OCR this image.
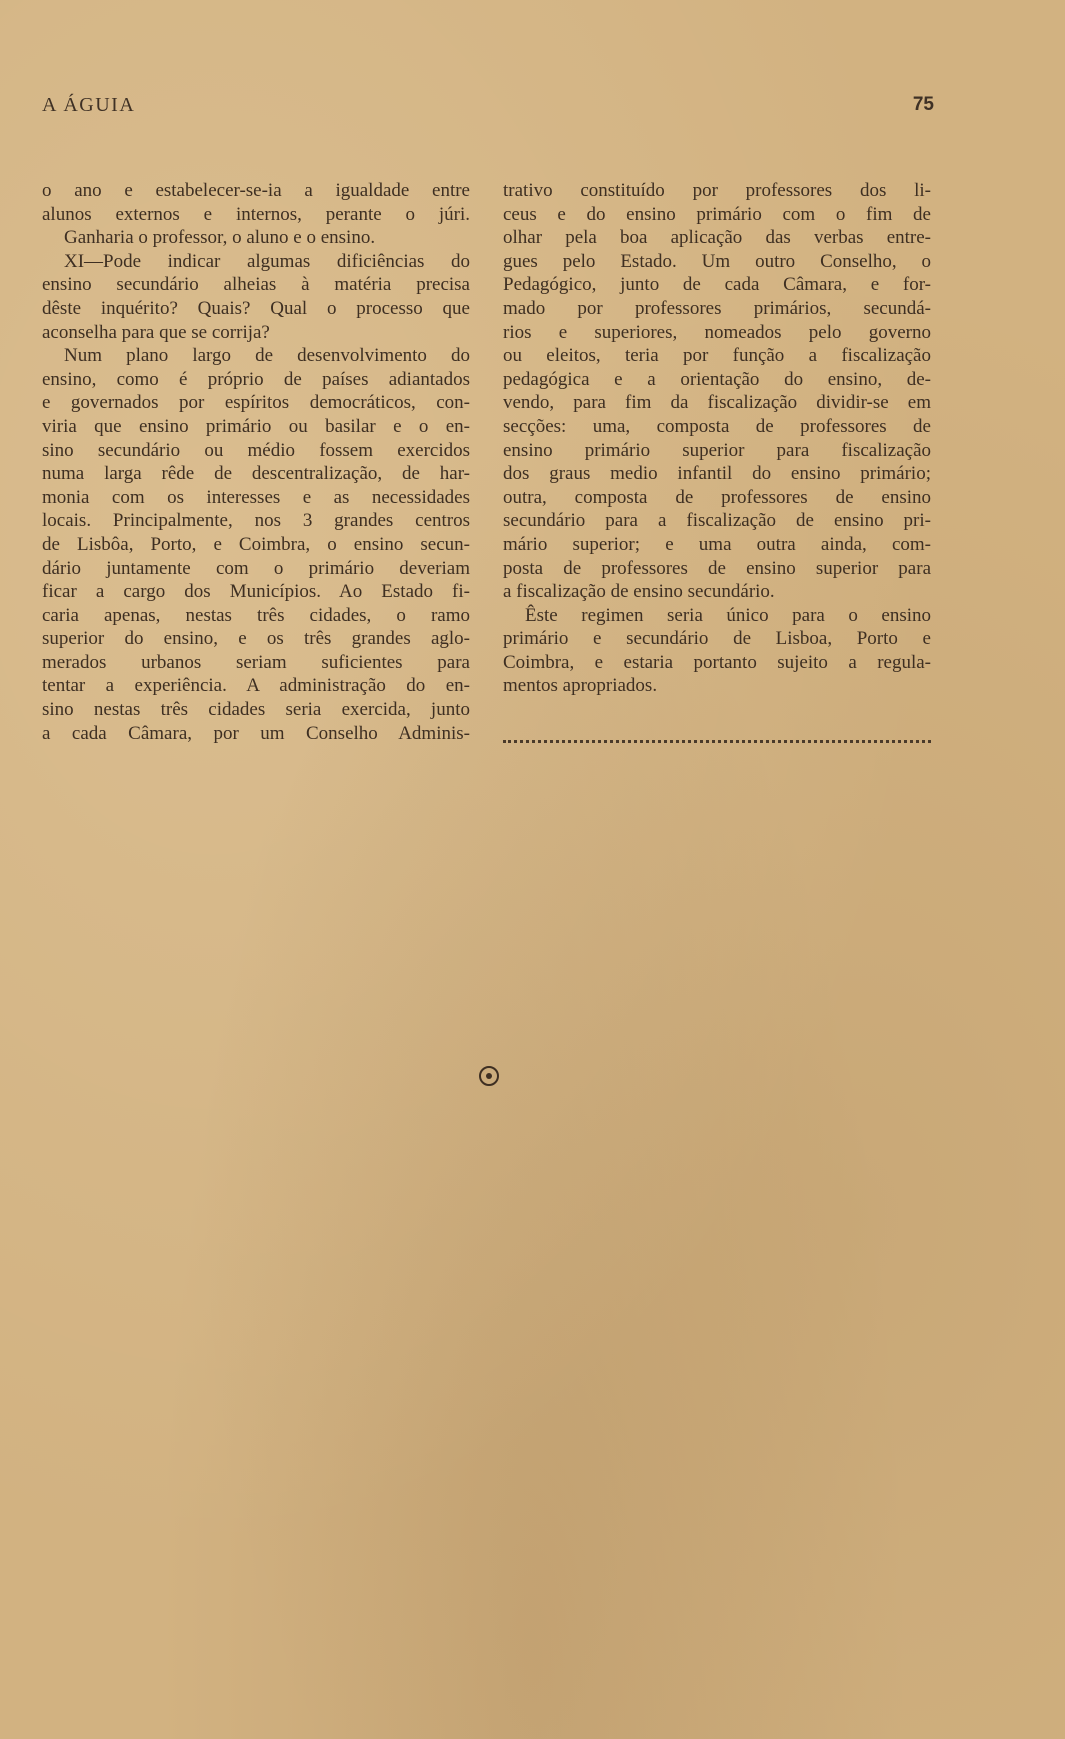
A ÁGUIA	75
o ano e estabelecer-se-ia a igualdade entre
alunos externos e internos, perante o júri.
Ganharia o professor, o aluno e o ensino.
XI—Pode indicar algumas dificiências do
ensino secundário alheias à matéria precisa
dêste inquérito? Quais? Qual o processo que
aconselha para que se corrija?
Num plano largo de desenvolvimento do
ensino, como é próprio de países adiantados
e governados por espíritos democráticos, con-
viria que ensino primário ou basilar e o en-
sino secundário ou médio fossem exercidos
numa larga rêde de descentralização, de har-
monia com os interesses e as necessidades
locais. Principalmente, nos 3 grandes centros
de Lisbôa, Porto, e Coimbra, o ensino secun-
dário juntamente com o primário deveriam
ficar a cargo dos Municípios. Ao Estado fi-
caria apenas, nestas três cidades, o ramo
superior do ensino, e os três grandes aglo-
merados urbanos seriam suficientes para
tentar a experiência. A administração do en-
sino nestas três cidades seria exercida, junto
a cada Câmara, por um Conselho Adminis-
trativo constituído por professores dos li-
ceus e do ensino primário com o fim de
olhar pela boa aplicação das verbas entre-
gues pelo Estado. Um outro Conselho, o
Pedagógico, junto de cada Câmara, e for-
mado por professores primários, secundá-
rios e superiores, nomeados pelo governo
ou eleitos, teria por função a fiscalização
pedagógica e a orientação do ensino, de-
vendo, para fim da fiscalização dividir-se em
secções: uma, composta de professores de
ensino primário superior para fiscalização
dos graus medio infantil do ensino primário;
outra, composta de professores de ensino
secundário para a fiscalização de ensino pri-
mário superior; e uma outra ainda, com-
posta de professores de ensino superior para
a fiscalização de ensino secundário.
Êste regimen seria único para o ensino
primário e secundário de Lisboa, Porto e
Coimbra, e estaria portanto sujeito a regula-
mentos apropriados.
